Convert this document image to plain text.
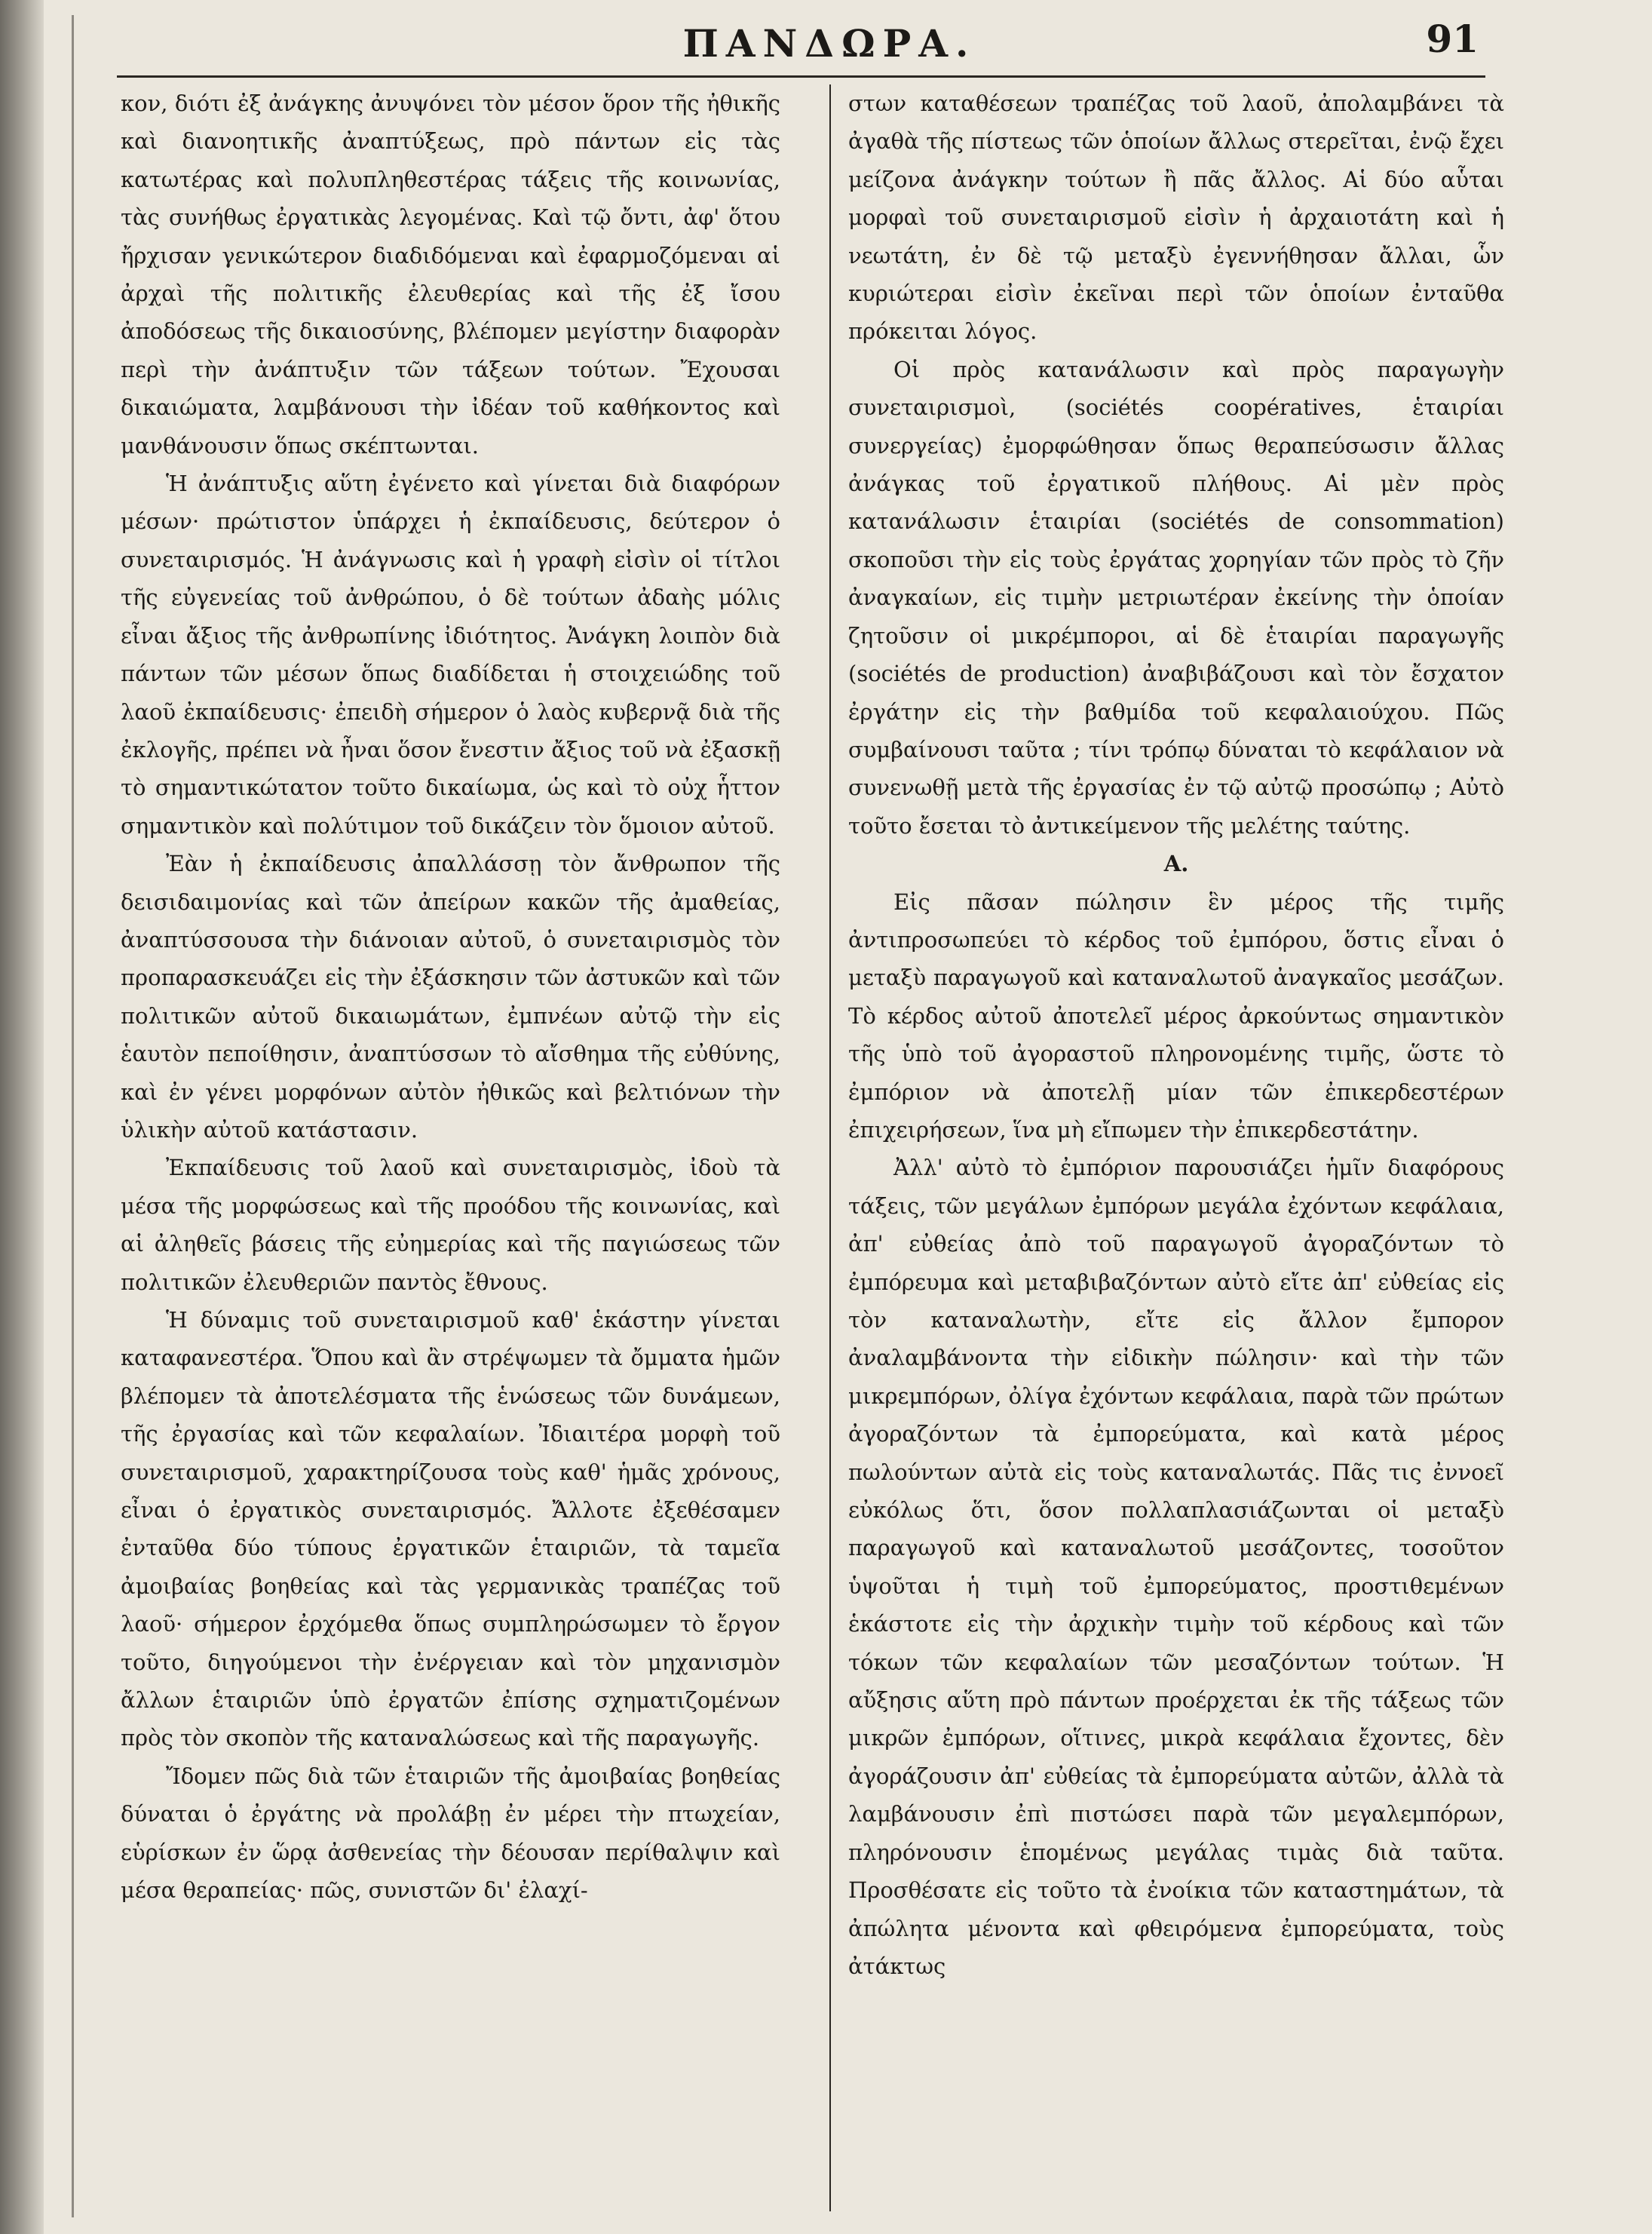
ΠΑΝΔΩΡΑ.	91

κον, διότι ἐξ ἀνάγκης ἀνυψόνει τὸν μέσον ὅρον τῆς ἠθικῆς καὶ διανοητικῆς ἀναπτύξεως, πρὸ πάντων εἰς τὰς κατωτέρας καὶ πολυπληθεστέρας τάξεις τῆς κοινωνίας, τὰς συνήθως ἐργατικὰς λεγομένας. Καὶ τῷ ὄντι, ἀφ' ὅτου ἤρχισαν γενικώτερον διαδιδόμεναι καὶ ἐφαρμοζόμεναι αἱ ἀρχαὶ τῆς πολιτικῆς ἐλευθερίας καὶ τῆς ἐξ ἴσου ἀποδόσεως τῆς δικαιοσύνης, βλέπομεν μεγίστην διαφορὰν περὶ τὴν ἀνάπτυξιν τῶν τάξεων τούτων. Ἔχουσαι δικαιώματα, λαμβάνουσι τὴν ἰδέαν τοῦ καθήκοντος καὶ μανθάνουσιν ὅπως σκέπτωνται.

Ἡ ἀνάπτυξις αὕτη ἐγένετο καὶ γίνεται διὰ διαφόρων μέσων· πρώτιστον ὑπάρχει ἡ ἐκπαίδευσις, δεύτερον ὁ συνεταιρισμός. Ἡ ἀνάγνωσις καὶ ἡ γραφὴ εἰσὶν οἱ τίτλοι τῆς εὐγενείας τοῦ ἀνθρώπου, ὁ δὲ τούτων ἀδαὴς μόλις εἶναι ἄξιος τῆς ἀνθρωπίνης ἰδιότητος. Ἀνάγκη λοιπὸν διὰ πάντων τῶν μέσων ὅπως διαδίδεται ἡ στοιχειώδης τοῦ λαοῦ ἐκπαίδευσις· ἐπειδὴ σήμερον ὁ λαὸς κυβερνᾷ διὰ τῆς ἐκλογῆς, πρέπει νὰ ἦναι ὅσον ἔνεστιν ἄξιος τοῦ νὰ ἐξασκῇ τὸ σημαντικώτατον τοῦτο δικαίωμα, ὡς καὶ τὸ οὐχ ἧττον σημαντικὸν καὶ πολύτιμον τοῦ δικάζειν τὸν ὅμοιον αὐτοῦ.

Ἐὰν ἡ ἐκπαίδευσις ἀπαλλάσσῃ τὸν ἄνθρωπον τῆς δεισιδαιμονίας καὶ τῶν ἀπείρων κακῶν τῆς ἀμαθείας, ἀναπτύσσουσα τὴν διάνοιαν αὐτοῦ, ὁ συνεταιρισμὸς τὸν προπαρασκευάζει εἰς τὴν ἐξάσκησιν τῶν ἀστυκῶν καὶ τῶν πολιτικῶν αὐτοῦ δικαιωμάτων, ἐμπνέων αὐτῷ τὴν εἰς ἑαυτὸν πεποίθησιν, ἀναπτύσσων τὸ αἴσθημα τῆς εὐθύνης, καὶ ἐν γένει μορφόνων αὐτὸν ἠθικῶς καὶ βελτιόνων τὴν ὑλικὴν αὐτοῦ κατάστασιν.

Ἐκπαίδευσις τοῦ λαοῦ καὶ συνεταιρισμὸς, ἰδοὺ τὰ μέσα τῆς μορφώσεως καὶ τῆς προόδου τῆς κοινωνίας, καὶ αἱ ἀληθεῖς βάσεις τῆς εὐημερίας καὶ τῆς παγιώσεως τῶν πολιτικῶν ἐλευθεριῶν παντὸς ἔθνους.

Ἡ δύναμις τοῦ συνεταιρισμοῦ καθ' ἑκάστην γίνεται καταφανεστέρα. Ὅπου καὶ ἂν στρέψωμεν τὰ ὄμματα ἡμῶν βλέπομεν τὰ ἀποτελέσματα τῆς ἑνώσεως τῶν δυνάμεων, τῆς ἐργασίας καὶ τῶν κεφαλαίων. Ἰδιαιτέρα μορφὴ τοῦ συνεταιρισμοῦ, χαρακτηρίζουσα τοὺς καθ' ἡμᾶς χρόνους, εἶναι ὁ ἐργατικὸς συνεταιρισμός. Ἄλλοτε ἐξεθέσαμεν ἐνταῦθα δύο τύπους ἐργατικῶν ἑταιριῶν, τὰ ταμεῖα ἀμοιβαίας βοηθείας καὶ τὰς γερμανικὰς τραπέζας τοῦ λαοῦ· σήμερον ἐρχόμεθα ὅπως συμπληρώσωμεν τὸ ἔργον τοῦτο, διηγούμενοι τὴν ἐνέργειαν καὶ τὸν μηχανισμὸν ἄλλων ἑταιριῶν ὑπὸ ἐργατῶν ἐπίσης σχηματιζομένων πρὸς τὸν σκοπὸν τῆς καταναλώσεως καὶ τῆς παραγωγῆς.

Ἴδομεν πῶς διὰ τῶν ἑταιριῶν τῆς ἀμοιβαίας βοηθείας δύναται ὁ ἐργάτης νὰ προλάβῃ ἐν μέρει τὴν πτωχείαν, εὑρίσκων ἐν ὥρᾳ ἀσθενείας τὴν δέουσαν περίθαλψιν καὶ μέσα θεραπείας· πῶς, συνιστῶν δι' ἐλαχί-

στων καταθέσεων τραπέζας τοῦ λαοῦ, ἀπολαμβάνει τὰ ἀγαθὰ τῆς πίστεως τῶν ὁποίων ἄλλως στερεῖται, ἐνῷ ἔχει μείζονα ἀνάγκην τούτων ἢ πᾶς ἄλλος. Αἱ δύο αὗται μορφαὶ τοῦ συνεταιρισμοῦ εἰσὶν ἡ ἀρχαιοτάτη καὶ ἡ νεωτάτη, ἐν δὲ τῷ μεταξὺ ἐγεννήθησαν ἄλλαι, ὧν κυριώτεραι εἰσὶν ἐκεῖναι περὶ τῶν ὁποίων ἐνταῦθα πρόκειται λόγος.

Οἱ πρὸς κατανάλωσιν καὶ πρὸς παραγωγὴν συνεταιρισμοὶ, (sociétés coopératives, ἑταιρίαι συνεργείας) ἐμορφώθησαν ὅπως θεραπεύσωσιν ἄλλας ἀνάγκας τοῦ ἐργατικοῦ πλήθους. Αἱ μὲν πρὸς κατανάλωσιν ἑταιρίαι (sociétés de consommation) σκοποῦσι τὴν εἰς τοὺς ἐργάτας χορηγίαν τῶν πρὸς τὸ ζῆν ἀναγκαίων, εἰς τιμὴν μετριωτέραν ἐκείνης τὴν ὁποίαν ζητοῦσιν οἱ μικρέμποροι, αἱ δὲ ἑταιρίαι παραγωγῆς (sociétés de production) ἀναβιβάζουσι καὶ τὸν ἔσχατον ἐργάτην εἰς τὴν βαθμίδα τοῦ κεφαλαιούχου. Πῶς συμβαίνουσι ταῦτα ; τίνι τρόπῳ δύναται τὸ κεφάλαιον νὰ συνενωθῇ μετὰ τῆς ἐργασίας ἐν τῷ αὐτῷ προσώπῳ ; Αὐτὸ τοῦτο ἔσεται τὸ ἀντικείμενον τῆς μελέτης ταύτης.

Α.

Εἰς πᾶσαν πώλησιν ἓν μέρος τῆς τιμῆς ἀντιπροσωπεύει τὸ κέρδος τοῦ ἐμπόρου, ὅστις εἶναι ὁ μεταξὺ παραγωγοῦ καὶ καταναλωτοῦ ἀναγκαῖος μεσάζων. Τὸ κέρδος αὐτοῦ ἀποτελεῖ μέρος ἀρκούντως σημαντικὸν τῆς ὑπὸ τοῦ ἀγοραστοῦ πληρονομένης τιμῆς, ὥστε τὸ ἐμπόριον νὰ ἀποτελῇ μίαν τῶν ἐπικερδεστέρων ἐπιχειρήσεων, ἵνα μὴ εἴπωμεν τὴν ἐπικερδεστάτην.

Ἀλλ' αὐτὸ τὸ ἐμπόριον παρουσιάζει ἡμῖν διαφόρους τάξεις, τῶν μεγάλων ἐμπόρων μεγάλα ἐχόντων κεφάλαια, ἀπ' εὐθείας ἀπὸ τοῦ παραγωγοῦ ἀγοραζόντων τὸ ἐμπόρευμα καὶ μεταβιβαζόντων αὐτὸ εἴτε ἀπ' εὐθείας εἰς τὸν καταναλωτὴν, εἴτε εἰς ἄλλον ἔμπορον ἀναλαμβάνοντα τὴν εἰδικὴν πώλησιν· καὶ τὴν τῶν μικρεμπόρων, ὀλίγα ἐχόντων κεφάλαια, παρὰ τῶν πρώτων ἀγοραζόντων τὰ ἐμπορεύματα, καὶ κατὰ μέρος πωλούντων αὐτὰ εἰς τοὺς καταναλωτάς. Πᾶς τις ἐννοεῖ εὐκόλως ὅτι, ὅσον πολλαπλασιάζωνται οἱ μεταξὺ παραγωγοῦ καὶ καταναλωτοῦ μεσάζοντες, τοσοῦτον ὑψοῦται ἡ τιμὴ τοῦ ἐμπορεύματος, προστιθεμένων ἑκάστοτε εἰς τὴν ἀρχικὴν τιμὴν τοῦ κέρδους καὶ τῶν τόκων τῶν κεφαλαίων τῶν μεσαζόντων τούτων. Ἡ αὔξησις αὕτη πρὸ πάντων προέρχεται ἐκ τῆς τάξεως τῶν μικρῶν ἐμπόρων, οἵτινες, μικρὰ κεφάλαια ἔχοντες, δὲν ἀγοράζουσιν ἀπ' εὐθείας τὰ ἐμπορεύματα αὐτῶν, ἀλλὰ τὰ λαμβάνουσιν ἐπὶ πιστώσει παρὰ τῶν μεγαλεμπόρων, πληρόνουσιν ἑπομένως μεγάλας τιμὰς διὰ ταῦτα. Προσθέσατε εἰς τοῦτο τὰ ἐνοίκια τῶν καταστημάτων, τὰ ἀπώλητα μένοντα καὶ φθειρόμενα ἐμπορεύματα, τοὺς ἀτάκτως
